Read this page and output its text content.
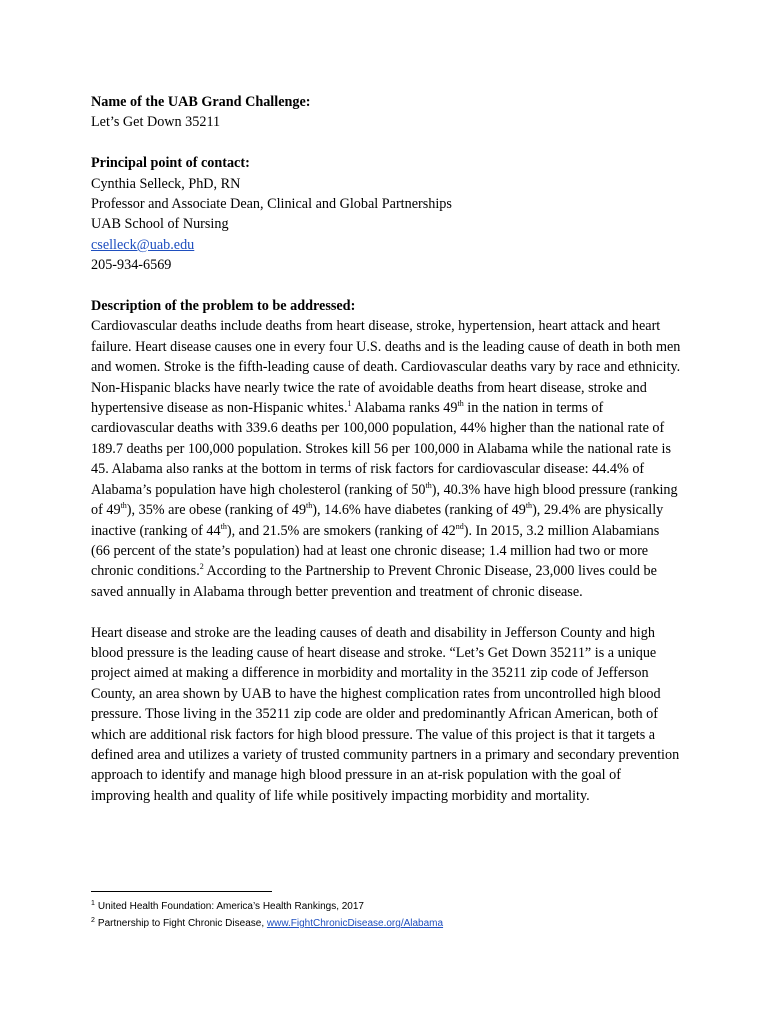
Name of the UAB Grand Challenge:
Let’s Get Down 35211
Principal point of contact:
Cynthia Selleck, PhD, RN
Professor and Associate Dean, Clinical and Global Partnerships
UAB School of Nursing
cselleck@uab.edu
205-934-6569
Description of the problem to be addressed:

Cardiovascular deaths include deaths from heart disease, stroke, hypertension, heart attack and heart failure. Heart disease causes one in every four U.S. deaths and is the leading cause of death in both men and women. Stroke is the fifth-leading cause of death. Cardiovascular deaths vary by race and ethnicity. Non-Hispanic blacks have nearly twice the rate of avoidable deaths from heart disease, stroke and hypertensive disease as non-Hispanic whites.$^1$ Alabama ranks 49th in the nation in terms of cardiovascular deaths with 339.6 deaths per 100,000 population, 44% higher than the national rate of 189.7 deaths per 100,000 population. Strokes kill 56 per 100,000 in Alabama while the national rate is 45. Alabama also ranks at the bottom in terms of risk factors for cardiovascular disease: 44.4% of Alabama’s population have high cholesterol (ranking of 50th), 40.3% have high blood pressure (ranking of 49th), 35% are obese (ranking of 49th), 14.6% have diabetes (ranking of 49th), 29.4% are physically inactive (ranking of 44th), and 21.5% are smokers (ranking of 42nd). In 2015, 3.2 million Alabamians (66 percent of the state’s population) had at least one chronic disease; 1.4 million had two or more chronic conditions.$^2$ According to the Partnership to Prevent Chronic Disease, 23,000 lives could be saved annually in Alabama through better prevention and treatment of chronic disease.

Heart disease and stroke are the leading causes of death and disability in Jefferson County and high blood pressure is the leading cause of heart disease and stroke. “Let’s Get Down 35211” is a unique project aimed at making a difference in morbidity and mortality in the 35211 zip code of Jefferson County, an area shown by UAB to have the highest complication rates from uncontrolled high blood pressure. Those living in the 35211 zip code are older and predominantly African American, both of which are additional risk factors for high blood pressure. The value of this project is that it targets a defined area and utilizes a variety of trusted community partners in a primary and secondary prevention approach to identify and manage high blood pressure in an at-risk population with the goal of improving health and quality of life while positively impacting morbidity and mortality.

$^1$ United Health Foundation: America’s Health Rankings, 2017
$^2$ Partnership to Fight Chronic Disease, www.FightChronicDisease.org/Alabama
